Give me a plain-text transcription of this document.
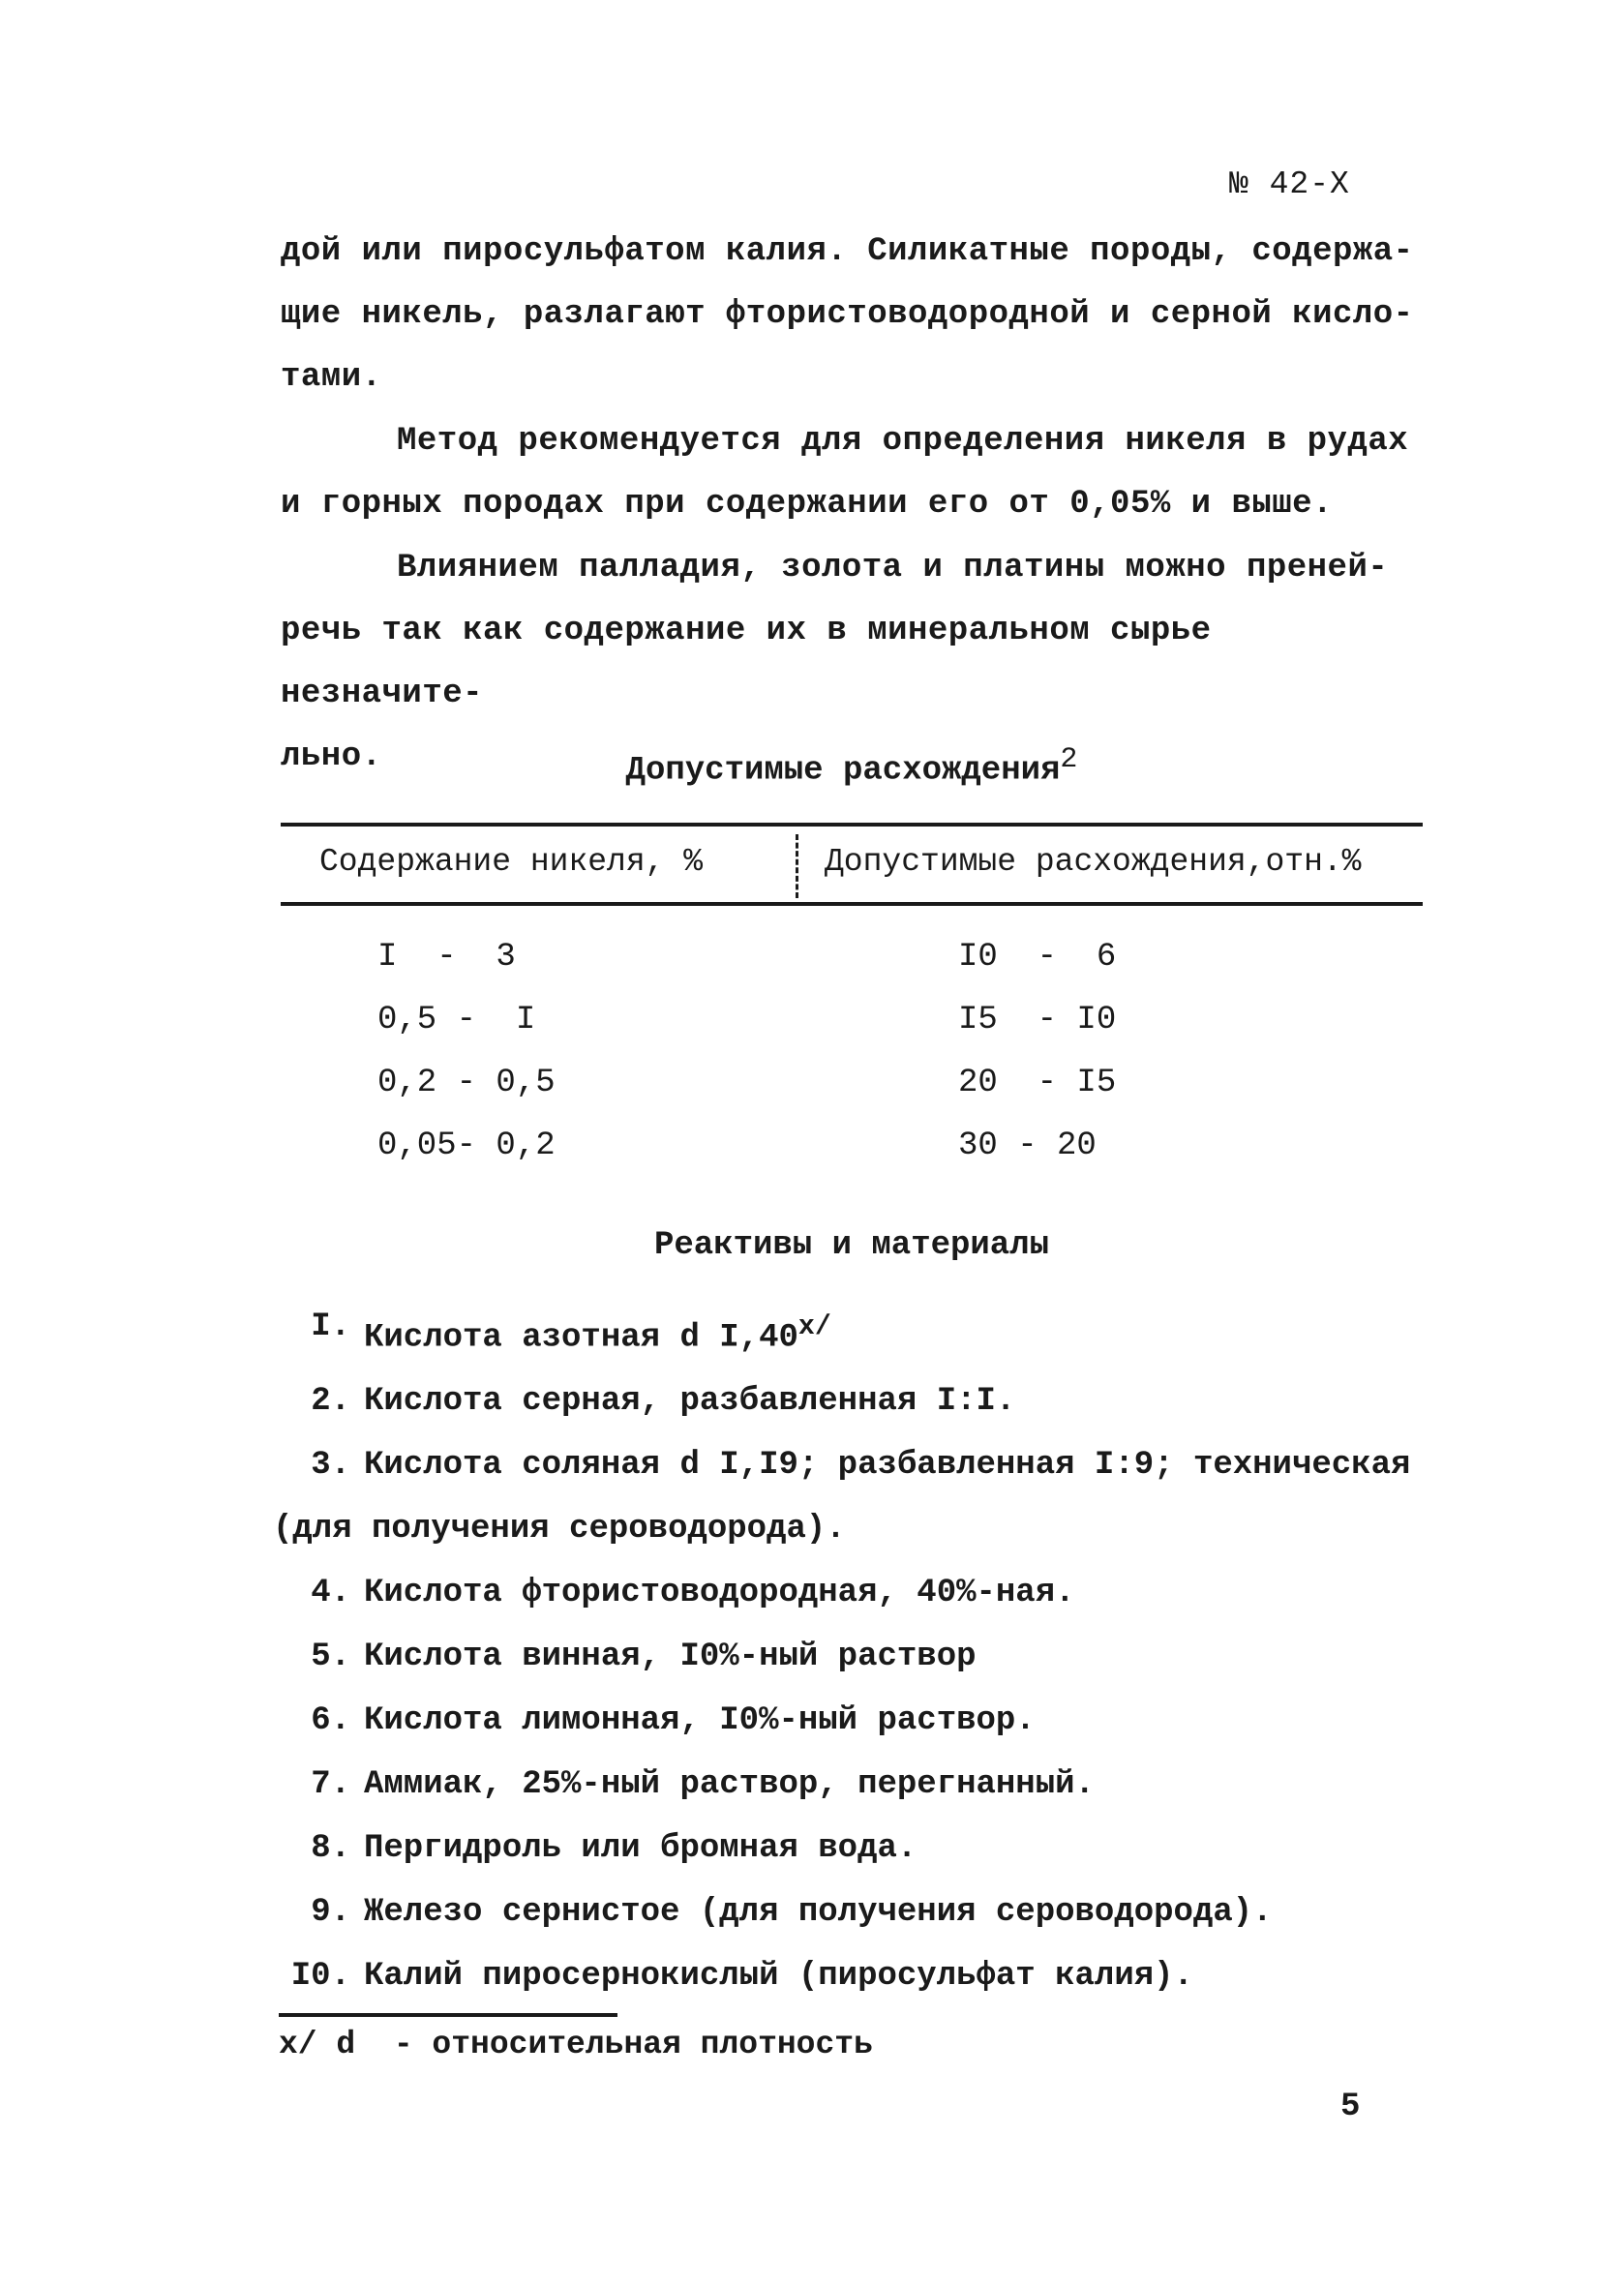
№ 42-Х
дой или пиросульфатом калия. Силикатные породы, содержа-
щие никель, разлагают фтористоводородной и серной кисло-
тами.
Метод рекомендуется для определения никеля в рудах
и горных породах при содержании его от 0,05% и выше.
Влиянием палладия, золота и платины можно преней-
речь так как содержание их в минеральном сырье незначите-
льно.	Допустимые расхождения$^2$
Содержание никеля, %	Допустимые расхождения,отн.%
I  -  3	I0  -  6
0,5 -  I	I5  - I0
0,2 - 0,5	20  - I5
0,05- 0,2	30 - 20
Реактивы и материалы
I. Кислота азотная d $I,40^{x/}$
2. Кислота серная, разбавленная I:I.
3. Кислота соляная d I,I9; разбавленная I:9; техническая
(для получения сероводорода).
4. Кислота фтористоводородная, 40%-ная.
5. Кислота винная, I0%-ный раствор
6. Кислота лимонная, I0%-ный раствор.
7. Аммиак, 25%-ный раствор, перегнанный.
8. Пергидроль или бромная вода.
9. Железо сернистое (для получения сероводорода).
I0. Калий пиросернокислый (пиросульфат калия).
x/ d  - относительная плотность
5
